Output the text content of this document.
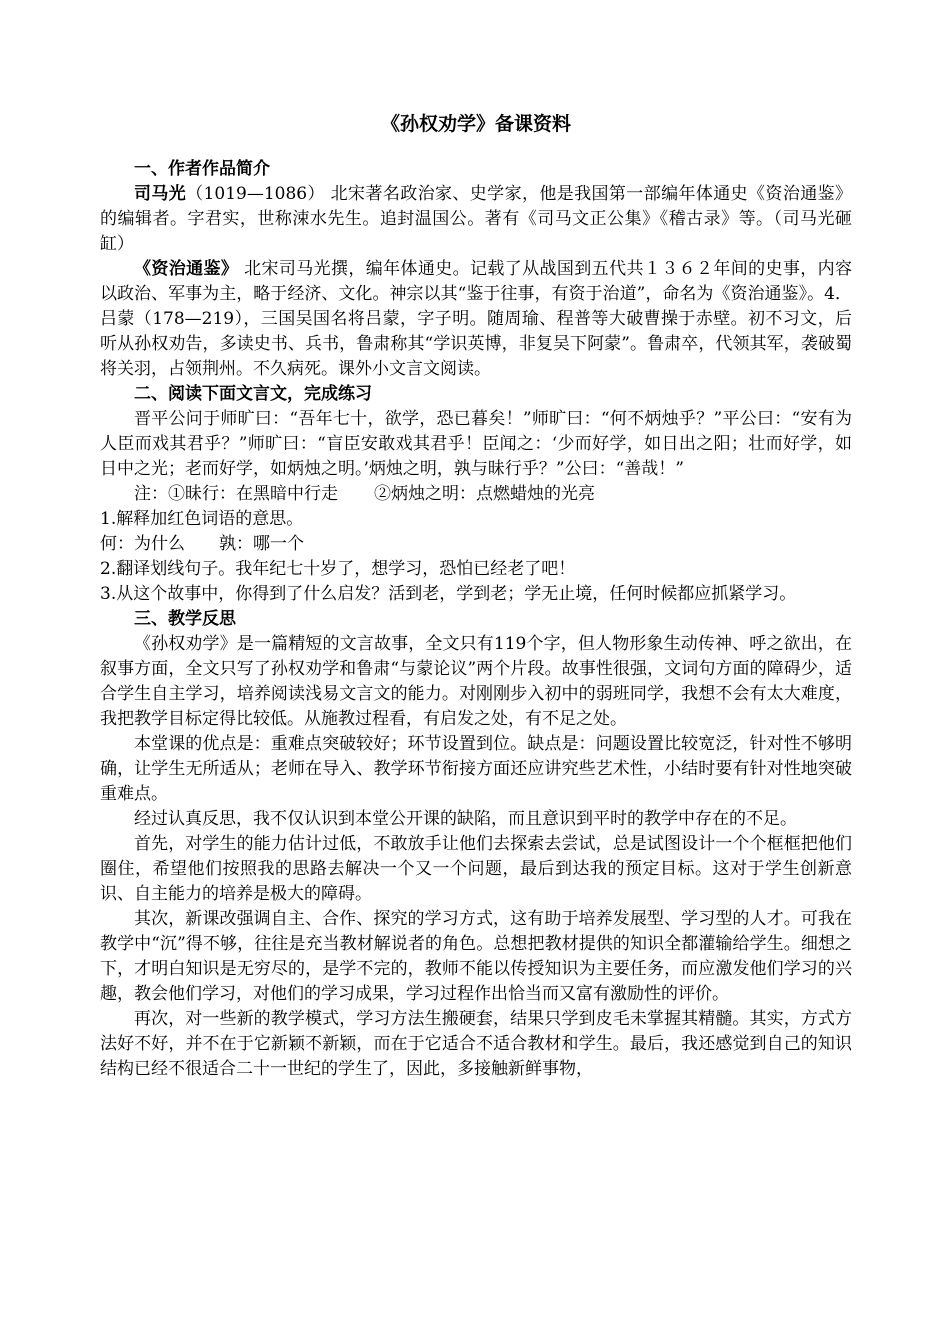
《孙权劝学》备课资料

一、作者作品简介

司马光（1019—1086） 北宋著名政治家、史学家，他是我国第一部编年体通史《资治通鉴》的编辑者。字君实，世称涑水先生。追封温国公。著有《司马文正公集》《稽古录》等。（司马光砸缸）

《资治通鉴》 北宋司马光撰，编年体通史。记载了从战国到五代共１３６２年间的史事，内容以政治、军事为主，略于经济、文化。神宗以其“鉴于往事，有资于治道”，命名为《资治通鉴》。4．吕蒙（178—219），三国吴国名将吕蒙，字子明。随周瑜、程普等大破曹操于赤壁。初不习文，后听从孙权劝告，多读史书、兵书，鲁肃称其“学识英博，非复吴下阿蒙”。鲁肃卒，代领其军，袭破蜀将关羽，占领荆州。不久病死。课外小文言文阅读。

二、阅读下面文言文，完成练习

晋平公问于师旷曰：“吾年七十，欲学，恐已暮矣！”师旷曰：“何不炳烛乎？”平公曰：“安有为人臣而戏其君乎？”师旷曰：“盲臣安敢戏其君乎！臣闻之：‘少而好学，如日出之阳；壮而好学，如日中之光；老而好学，如炳烛之明。’炳烛之明，孰与昧行乎？”公曰：“善哉！”

注：①昧行：在黑暗中行走 ②炳烛之明：点燃蜡烛的光亮

1.解释加红色词语的意思。

何：为什么 孰：哪一个

2.翻译划线句子。我年纪七十岁了，想学习，恐怕已经老了吧！

3.从这个故事中，你得到了什么启发？活到老，学到老；学无止境，任何时候都应抓紧学习。

三、教学反思

《孙权劝学》是一篇精短的文言故事，全文只有119个字，但人物形象生动传神、呼之欲出，在叙事方面，全文只写了孙权劝学和鲁肃“与蒙论议”两个片段。故事性很强，文词句方面的障碍少，适合学生自主学习，培养阅读浅易文言文的能力。对刚刚步入初中的弱班同学，我想不会有太大难度，我把教学目标定得比较低。从施教过程看，有启发之处，有不足之处。

本堂课的优点是：重难点突破较好；环节设置到位。缺点是：问题设置比较宽泛，针对性不够明确，让学生无所适从；老师在导入、教学环节衔接方面还应讲究些艺术性，小结时要有针对性地突破重难点。

经过认真反思，我不仅认识到本堂公开课的缺陷，而且意识到平时的教学中存在的不足。

首先，对学生的能力估计过低，不敢放手让他们去探索去尝试，总是试图设计一个个框框把他们圈住，希望他们按照我的思路去解决一个又一个问题，最后到达我的预定目标。这对于学生创新意识、自主能力的培养是极大的障碍。

其次，新课改强调自主、合作、探究的学习方式，这有助于培养发展型、学习型的人才。可我在教学中“沉”得不够，往往是充当教材解说者的角色。总想把教材提供的知识全都灌输给学生。细想之下，才明白知识是无穷尽的，是学不完的，教师不能以传授知识为主要任务，而应激发他们学习的兴趣，教会他们学习，对他们的学习成果，学习过程作出恰当而又富有激励性的评价。

再次，对一些新的教学模式，学习方法生搬硬套，结果只学到皮毛未掌握其精髓。其实，方式方法好不好，并不在于它新颖不新颖，而在于它适合不适合教材和学生。最后，我还感觉到自己的知识结构已经不很适合二十一世纪的学生了，因此，多接触新鲜事物，
